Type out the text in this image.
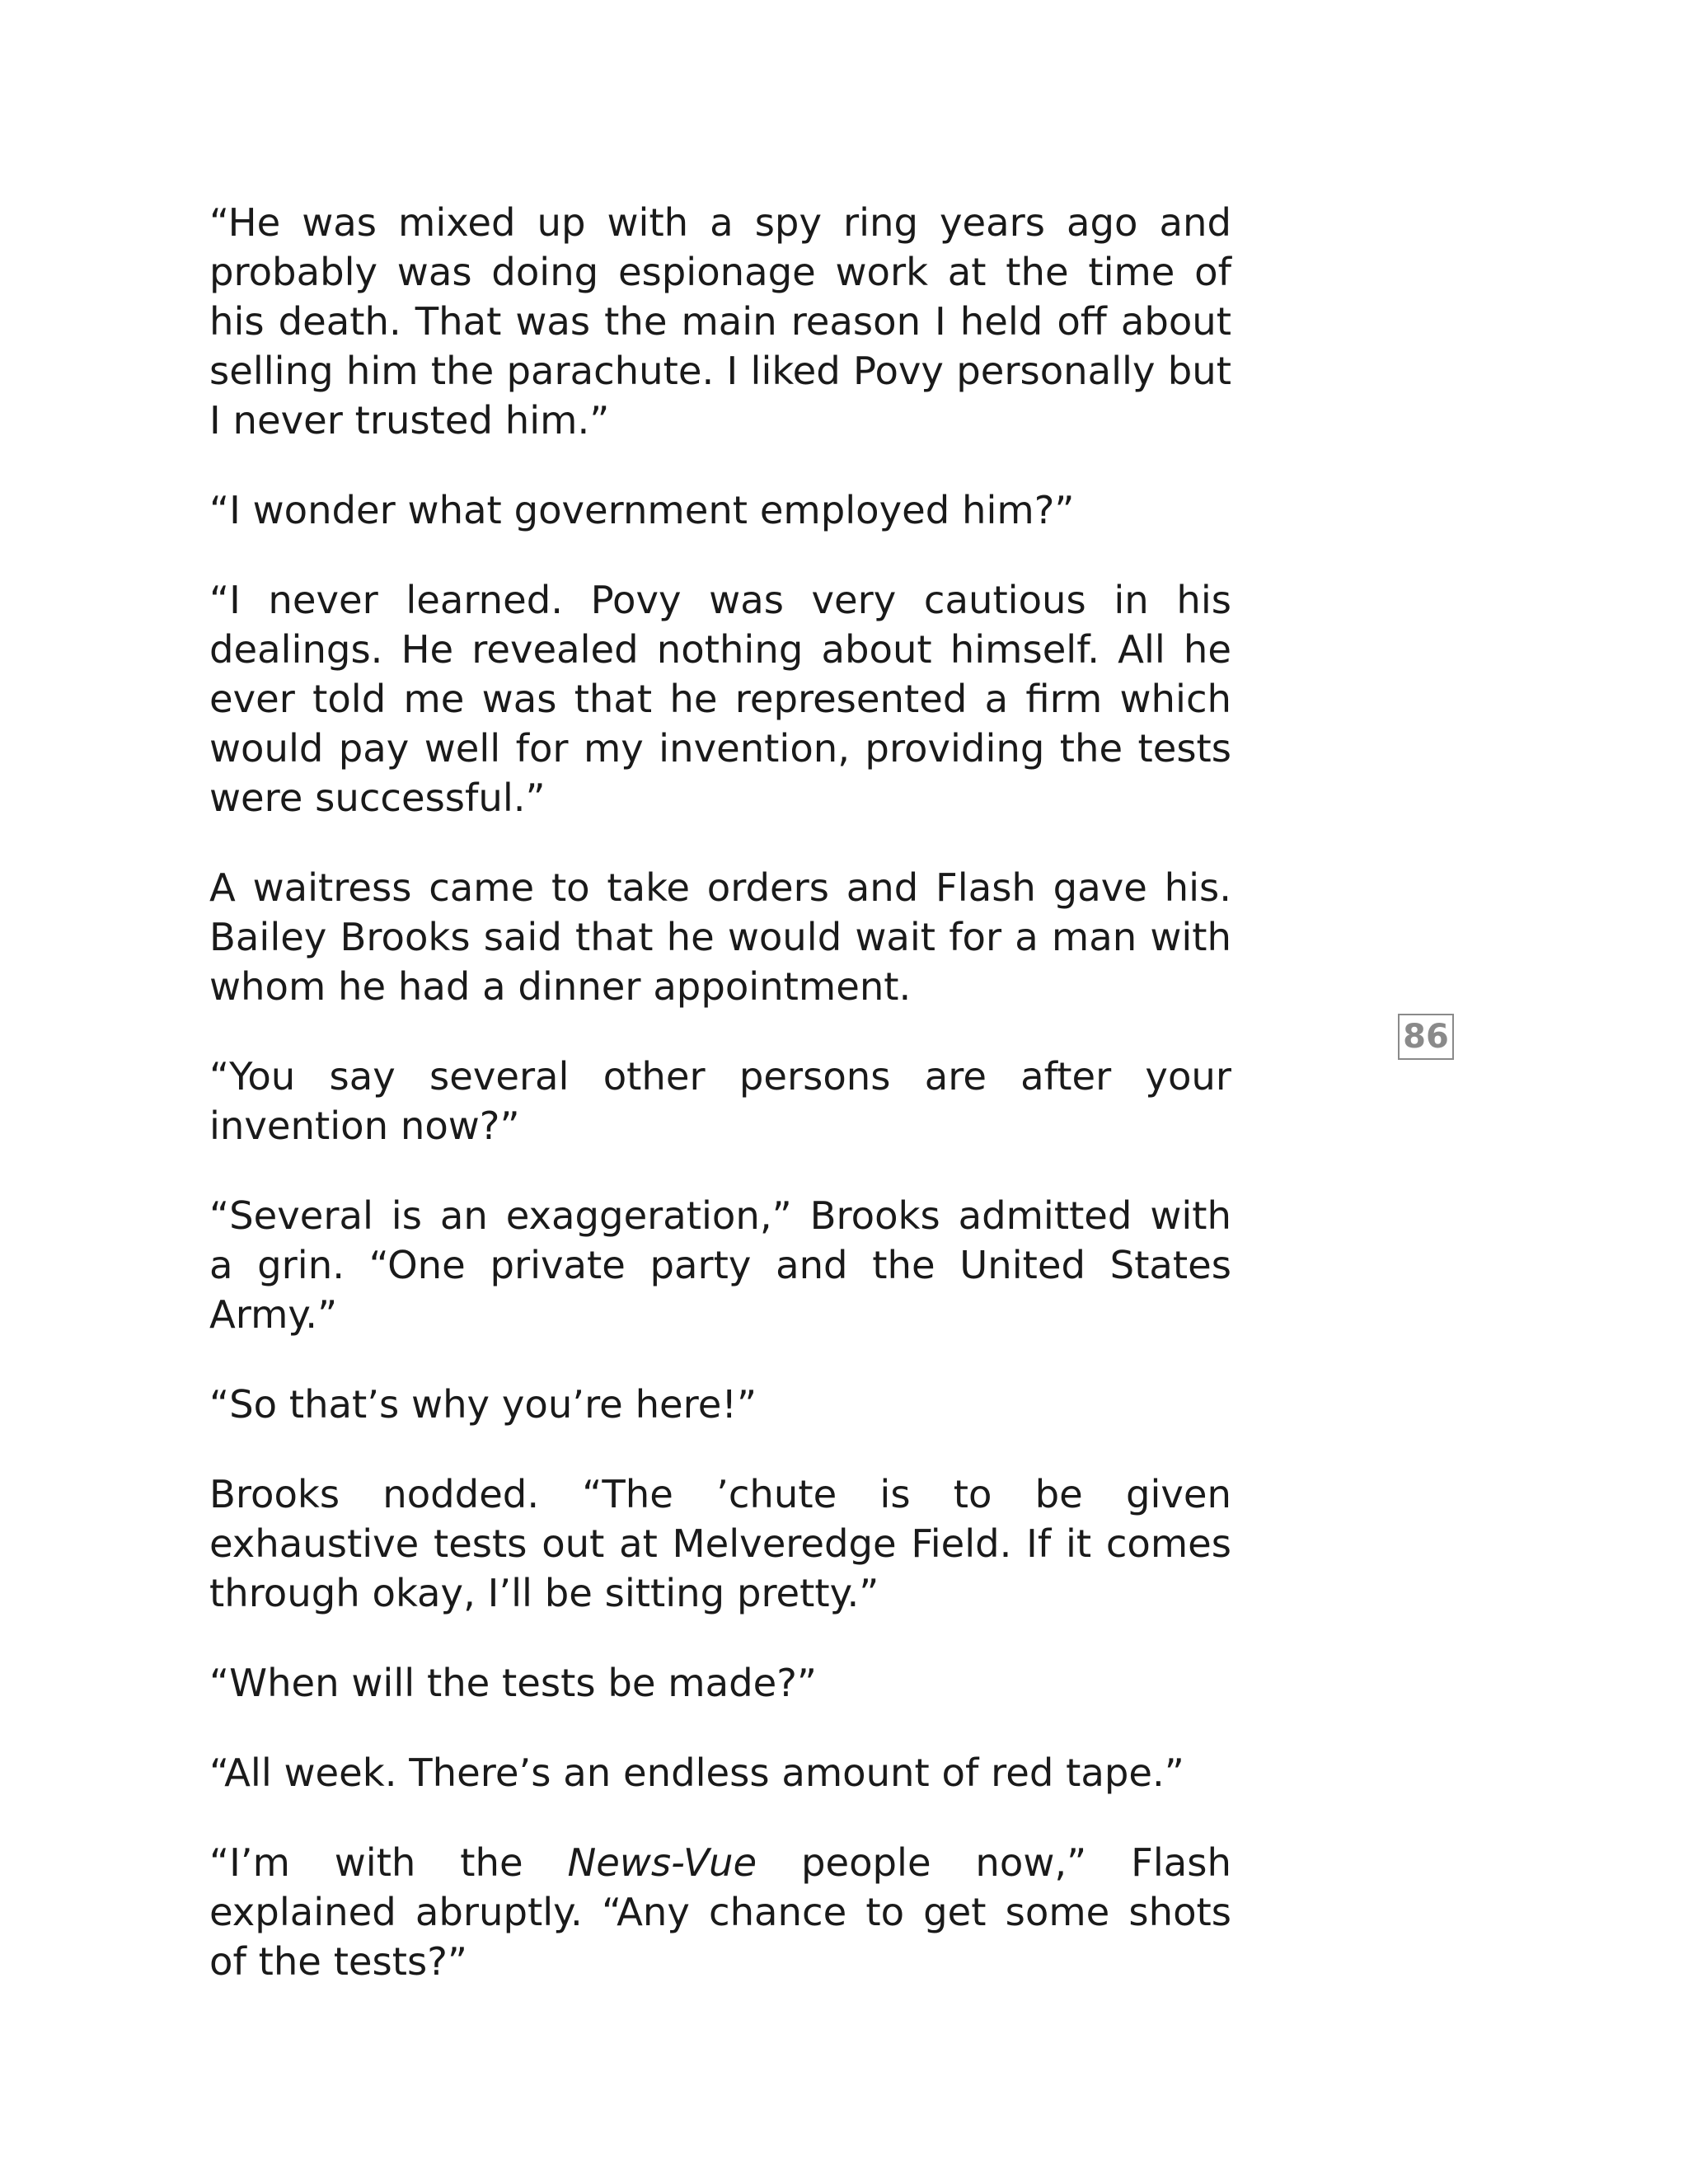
“He was mixed up with a spy ring years ago and probably was doing espionage work at the time of his death. That was the main reason I held off about selling him the parachute. I liked Povy personally but I never trusted him.”

“I wonder what government employed him?”

“I never learned. Povy was very cautious in his dealings. He revealed nothing about himself. All he ever told me was that he represented a firm which would pay well for my invention, providing the tests were successful.”

A waitress came to take orders and Flash gave his. Bailey Brooks said that he would wait for a man with whom he had a dinner appointment.

“You say several other persons are after your invention now?”

“Several is an exaggeration,” Brooks admitted with a grin. “One private party and the United States Army.”

“So that’s why you’re here!”

Brooks nodded. “The ’chute is to be given exhaustive tests out at Melveredge Field. If it comes through okay, I’ll be sitting pretty.”

“When will the tests be made?”

“All week. There’s an endless amount of red tape.”

“I’m with the News-Vue people now,” Flash explained abruptly. “Any chance to get some shots of the tests?”

86
